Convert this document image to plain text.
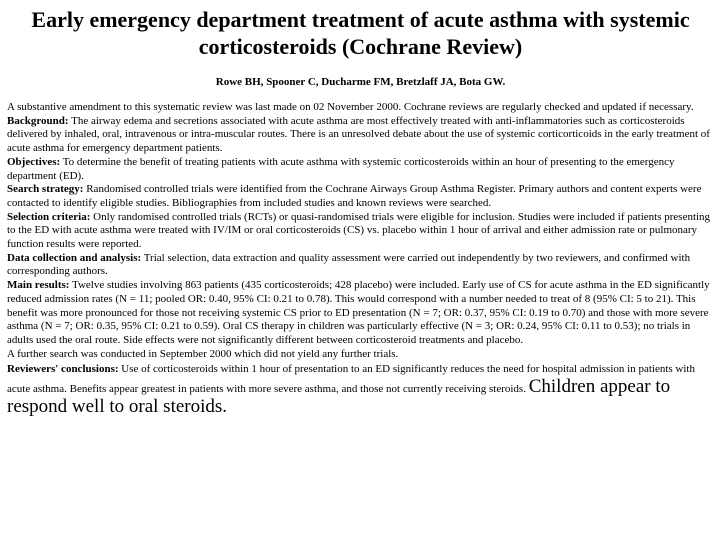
Early emergency department treatment of acute asthma with systemic corticosteroids (Cochrane Review)
Rowe BH, Spooner C, Ducharme FM, Bretzlaff JA, Bota GW.

A substantive amendment to this systematic review was last made on 02 November 2000. Cochrane reviews are regularly checked and updated if necessary.

Background: The airway edema and secretions associated with acute asthma are most effectively treated with anti-inflammatories such as corticosteroids delivered by inhaled, oral, intravenous or intra-muscular routes. There is an unresolved debate about the use of systemic corticorticoids in the early treatment of acute asthma for emergency department patients.

Objectives: To determine the benefit of treating patients with acute asthma with systemic corticosteroids within an hour of presenting to the emergency department (ED).

Search strategy: Randomised controlled trials were identified from the Cochrane Airways Group Asthma Register. Primary authors and content experts were contacted to identify eligible studies. Bibliographies from included studies and known reviews were searched.

Selection criteria: Only randomised controlled trials (RCTs) or quasi-randomised trials were eligible for inclusion. Studies were included if patients presenting to the ED with acute asthma were treated with IV/IM or oral corticosteroids (CS) vs. placebo within 1 hour of arrival and either admission rate or pulmonary function results were reported.

Data collection and analysis: Trial selection, data extraction and quality assessment were carried out independently by two reviewers, and confirmed with corresponding authors.

Main results: Twelve studies involving 863 patients (435 corticosteroids; 428 placebo) were included. Early use of CS for acute asthma in the ED significantly reduced admission rates (N = 11; pooled OR: 0.40, 95% CI: 0.21 to 0.78). This would correspond with a number needed to treat of 8 (95% CI: 5 to 21). This benefit was more pronounced for those not receiving systemic CS prior to ED presentation (N = 7; OR: 0.37, 95% CI: 0.19 to 0.70) and those with more severe asthma (N = 7; OR: 0.35, 95% CI: 0.21 to 0.59). Oral CS therapy in children was particularly effective (N = 3; OR: 0.24, 95% CI: 0.11 to 0.53); no trials in adults used the oral route. Side effects were not significantly different between corticosteroid treatments and placebo.

A further search was conducted in September 2000 which did not yield any further trials.

Reviewers' conclusions: Use of corticosteroids within 1 hour of presentation to an ED significantly reduces the need for hospital admission in patients with acute asthma. Benefits appear greatest in patients with more severe asthma, and those not currently receiving steroids. Children appear to respond well to oral steroids.
